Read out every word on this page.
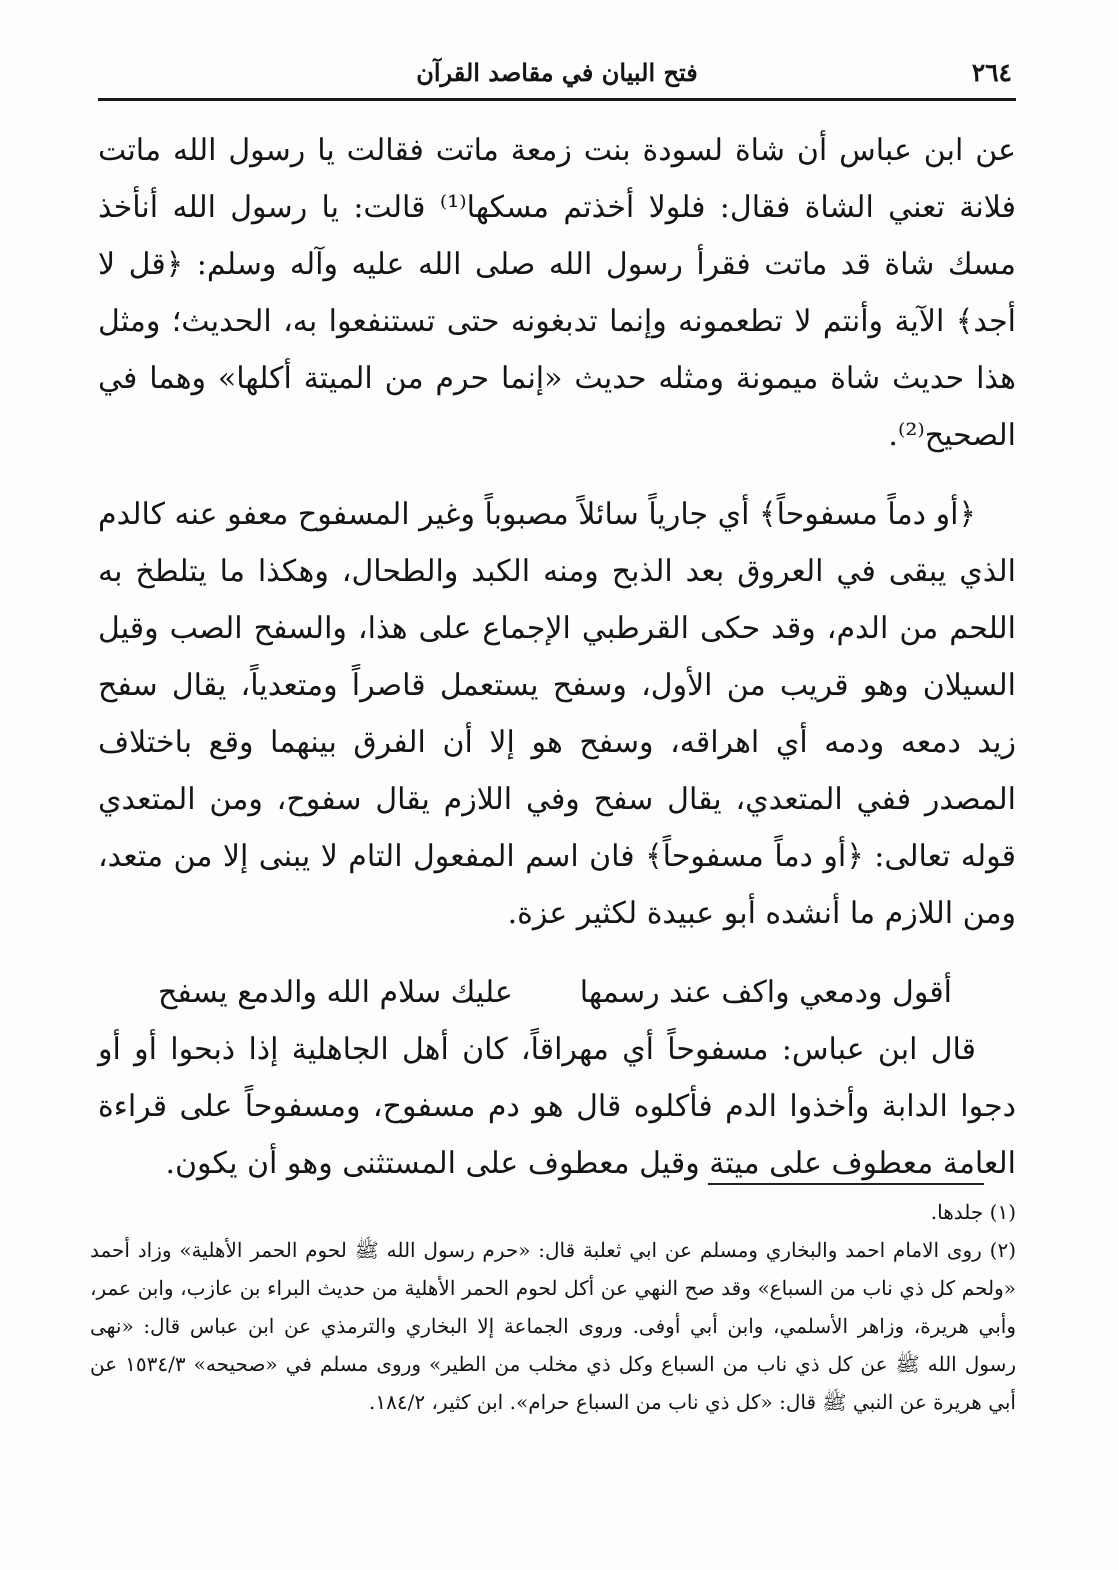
٢٦٤
فتح البيان في مقاصد القرآن

عن ابن عباس أن شاة لسودة بنت زمعة ماتت فقالت يا رسول الله ماتت فلانة تعني الشاة فقال: فلولا أخذتم مسكها⁽¹⁾ قالت: يا رسول الله أنأخذ مسك شاة قد ماتت فقرأ رسول الله صلى الله عليه وآله وسلم: ﴿قل لا أجد﴾ الآية وأنتم لا تطعمونه وإنما تدبغونه حتى تستنفعوا به، الحديث؛ ومثل هذا حديث شاة ميمونة ومثله حديث «إنما حرم من الميتة أكلها» وهما في الصحيح⁽²⁾.

﴿أو دماً مسفوحاً﴾ أي جارياً سائلاً مصبوباً وغير المسفوح معفو عنه كالدم الذي يبقى في العروق بعد الذبح ومنه الكبد والطحال، وهكذا ما يتلطخ به اللحم من الدم، وقد حكى القرطبي الإجماع على هذا، والسفح الصب وقيل السيلان وهو قريب من الأول، وسفح يستعمل قاصراً ومتعدياً، يقال سفح زيد دمعه ودمه أي اهراقه، وسفح هو إلا أن الفرق بينهما وقع باختلاف المصدر ففي المتعدي، يقال سفح وفي اللازم يقال سفوح، ومن المتعدي قوله تعالى: ﴿أو دماً مسفوحاً﴾ فان اسم المفعول التام لا يبنى إلا من متعد، ومن اللازم ما أنشده أبو عبيدة لكثير عزة.

أقول ودمعي واكف عند رسمها
عليك سلام الله والدمع يسفح

قال ابن عباس: مسفوحاً أي مهراقاً، كان أهل الجاهلية إذا ذبحوا أو أو دجوا الدابة وأخذوا الدم فأكلوه قال هو دم مسفوح، ومسفوحاً على قراءة العامة معطوف على ميتة وقيل معطوف على المستثنى وهو أن يكون.

(١) جلدها.

(٢) روى الامام احمد والبخاري ومسلم عن ابي ثعلبة قال: «حرم رسول الله ﷺ لحوم الحمر الأهلية» وزاد أحمد «ولحم كل ذي ناب من السباع» وقد صح النهي عن أكل لحوم الحمر الأهلية من حديث البراء بن عازب، وابن عمر، وأبي هريرة، وزاهر الأسلمي، وابن أبي أوفى. وروى الجماعة إلا البخاري والترمذي عن ابن عباس قال: «نهى رسول الله ﷺ عن كل ذي ناب من السباع وكل ذي مخلب من الطير» وروى مسلم في «صحيحه» ١٥٣٤/٣ عن أبي هريرة عن النبي ﷺ قال: «كل ذي ناب من السباع حرام». ابن كثير، ١٨٤/٢.
